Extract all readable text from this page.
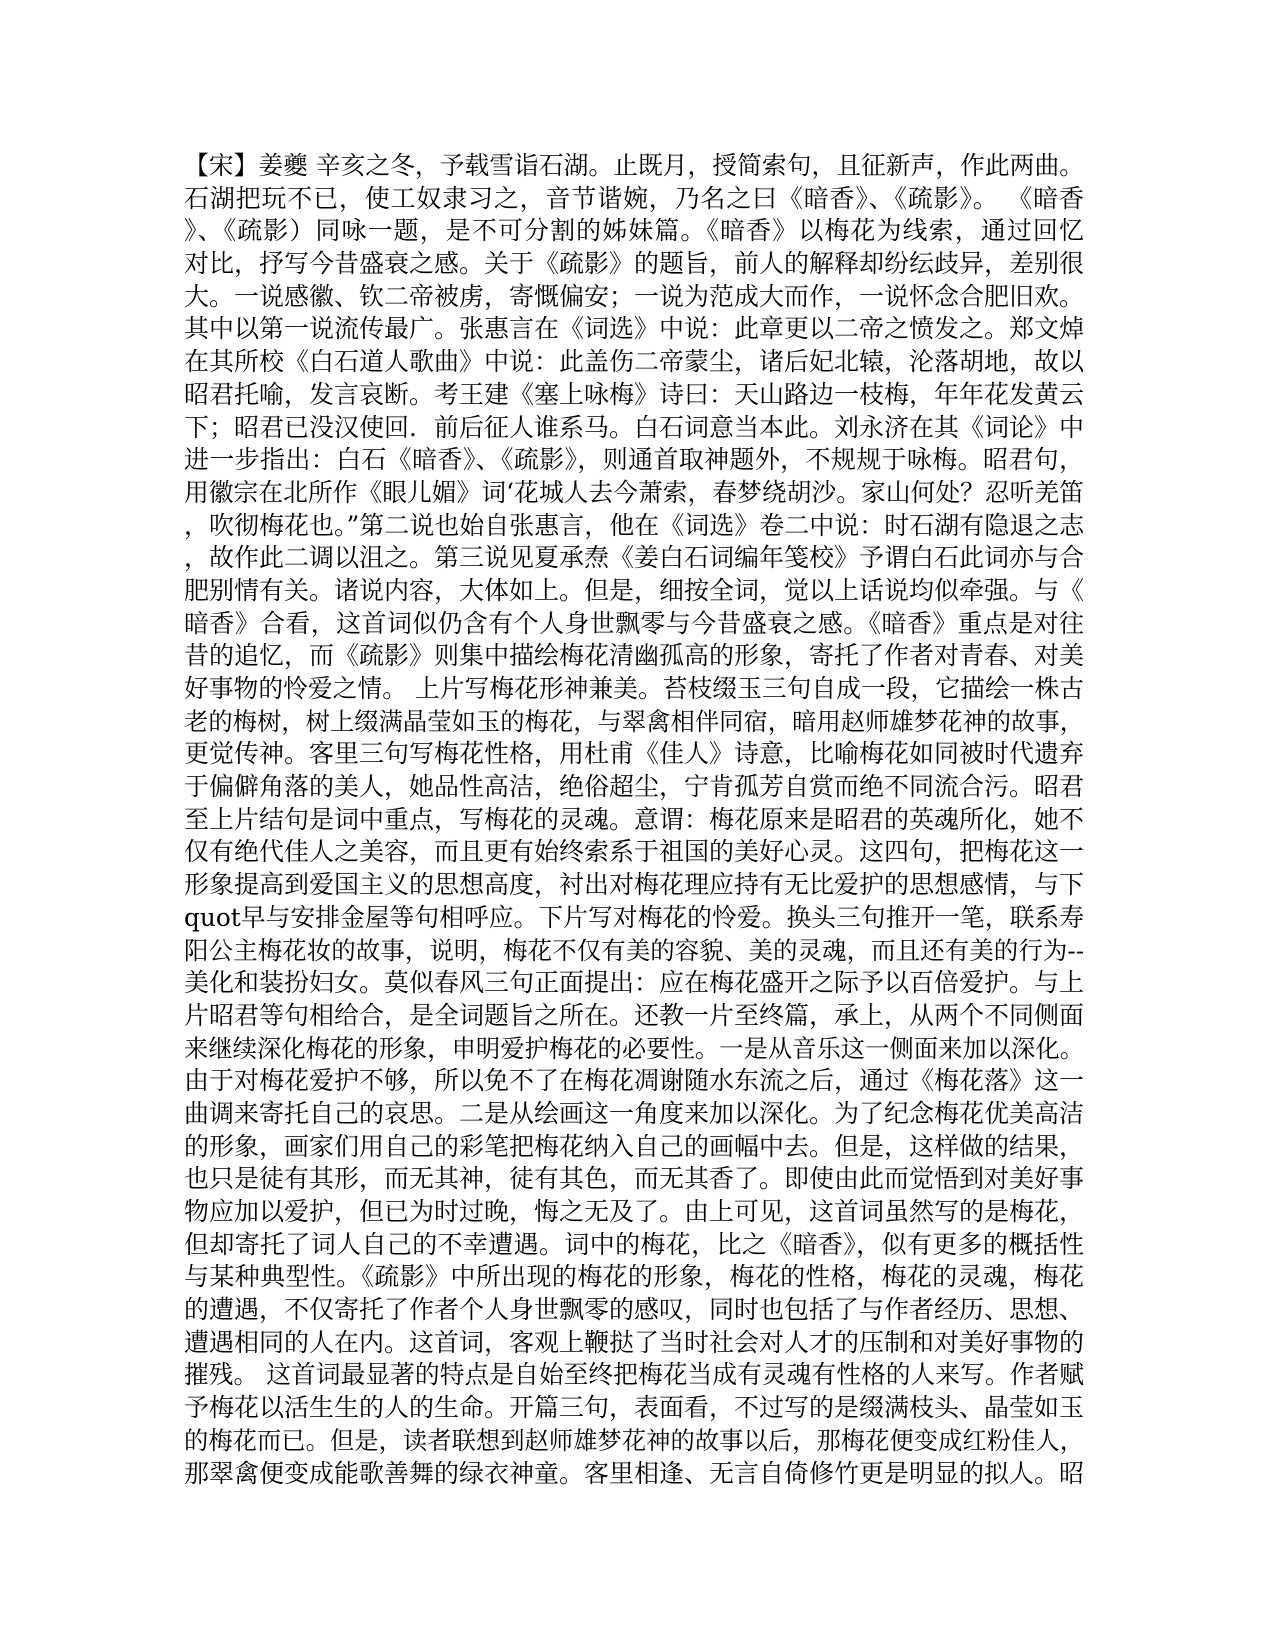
【宋】姜夔 辛亥之冬，予载雪诣石湖。止既月，授简索句，且征新声，作此两曲。
石湖把玩不已，使工奴隶习之，音节谐婉，乃名之曰《暗香》、《疏影》。 《暗香
》、《疏影）同咏一题，是不可分割的姊妹篇。《暗香》以梅花为线索，通过回忆
对比，抒写今昔盛衰之感。关于《疏影》的题旨，前人的解释却纷纭歧异，差别很
大。一说感徽、钦二帝被虏，寄慨偏安；一说为范成大而作，一说怀念合肥旧欢。
其中以第一说流传最广。张惠言在《词选》中说：此章更以二帝之愤发之。郑文焯
在其所校《白石道人歌曲》中说：此盖伤二帝蒙尘，诸后妃北辕，沦落胡地，故以
昭君托喻，发言哀断。考王建《塞上咏梅》诗曰：天山路边一枝梅，年年花发黄云
下；昭君已没汉使回．前后征人谁系马。白石词意当本此。刘永济在其《词论》中
进一步指出：白石《暗香》、《疏影》，则通首取神题外，不规规于咏梅。昭君句，
用徽宗在北所作《眼儿媚》词‘花城人去今萧索，春梦绕胡沙。家山何处？忍听羌笛
，吹彻梅花也。”第二说也始自张惠言，他在《词选》卷二中说：时石湖有隐退之志
，故作此二调以沮之。第三说见夏承焘《姜白石词编年笺校》予谓白石此词亦与合
肥别情有关。诸说内容，大体如上。但是，细按全词，觉以上话说均似牵强。与《
暗香》合看，这首词似仍含有个人身世飘零与今昔盛衰之感。《暗香》重点是对往
昔的追忆，而《疏影》则集中描绘梅花清幽孤高的形象，寄托了作者对青春、对美
好事物的怜爱之情。 上片写梅花形神兼美。苔枝缀玉三句自成一段，它描绘一株古
老的梅树，树上缀满晶莹如玉的梅花，与翠禽相伴同宿，暗用赵师雄梦花神的故事，
更觉传神。客里三句写梅花性格，用杜甫《佳人》诗意，比喻梅花如同被时代遗弃
于偏僻角落的美人，她品性高洁，绝俗超尘，宁肯孤芳自赏而绝不同流合污。昭君
至上片结句是词中重点，写梅花的灵魂。意谓：梅花原来是昭君的英魂所化，她不
仅有绝代佳人之美容，而且更有始终索系于祖国的美好心灵。这四句，把梅花这一
形象提高到爱国主义的思想高度，衬出对梅花理应持有无比爱护的思想感情，与下
quot早与安排金屋等句相呼应。下片写对梅花的怜爱。换头三句推开一笔，联系寿
阳公主梅花妆的故事，说明，梅花不仅有美的容貌、美的灵魂，而且还有美的行为--
美化和装扮妇女。莫似春风三句正面提出：应在梅花盛开之际予以百倍爱护。与上
片昭君等句相给合，是全词题旨之所在。还教一片至终篇，承上，从两个不同侧面
来继续深化梅花的形象，申明爱护梅花的必要性。一是从音乐这一侧面来加以深化。
由于对梅花爱护不够，所以免不了在梅花凋谢随水东流之后，通过《梅花落》这一
曲调来寄托自己的哀思。二是从绘画这一角度来加以深化。为了纪念梅花优美高洁
的形象，画家们用自己的彩笔把梅花纳入自己的画幅中去。但是，这样做的结果，
也只是徒有其形，而无其神，徒有其色，而无其香了。即使由此而觉悟到对美好事
物应加以爱护，但已为时过晚，悔之无及了。由上可见，这首词虽然写的是梅花，
但却寄托了词人自己的不幸遭遇。词中的梅花，比之《暗香》，似有更多的概括性
与某种典型性。《疏影》中所出现的梅花的形象，梅花的性格，梅花的灵魂，梅花
的遭遇，不仅寄托了作者个人身世飘零的感叹，同时也包括了与作者经历、思想、
遭遇相同的人在内。这首词，客观上鞭挞了当时社会对人才的压制和对美好事物的
摧残。 这首词最显著的特点是自始至终把梅花当成有灵魂有性格的人来写。作者赋
予梅花以活生生的人的生命。开篇三句，表面看，不过写的是缀满枝头、晶莹如玉
的梅花而已。但是，读者联想到赵师雄梦花神的故事以后，那梅花便变成红粉佳人，
那翠禽便变成能歌善舞的绿衣神童。客里相逢、无言自倚修竹更是明显的拟人。昭
